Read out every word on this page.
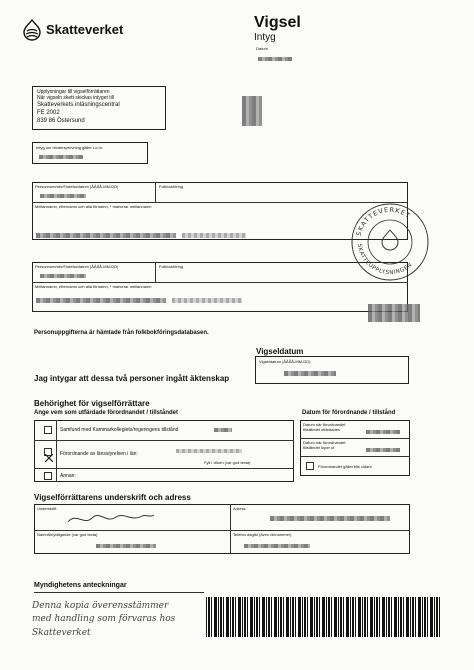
Skatteverket	Vigsel
Intyg
Datum
Upplysningar till vigselförrättaren
När vigseln skett skickas intyget till
Skatteverkets inläsningscentral
FE 2002
839 86 Östersund
Intyg om hindersprövning gäller t.o.m.
Personnummer/Födelsedatum (ÅÅÅÅ-MM-DD)	Folkbokföring
Mellannamn, efternamn och alla förnamn, * markerar mellannamn
Personnummer/Födelsedatum (ÅÅÅÅ-MM-DD)	Folkbokföring
Mellannamn, efternamn och alla förnamn, * markerar mellannamn
SKATTEVERKET
SKATTEUPPLYSNINGEN
Personuppgifterna är hämtade från folkbokföringsdatabasen.
Vigseldatum
Vigseldatum (ÅÅÅÅ-MM-DD)
Jag intygar att dessa två personer ingått äktenskap
Behörighet för vigselförrättare
Ange vem som utfärdade förordnandet / tillståndet
Samfund med Kammarkollegiets/regeringens tillstånd
Förordnande av länsstyrelsen i län:
Fyll i vilken (var god texta)
Annan:
Datum för förordnande / tillstånd
Datum när förordnandet tillståndet utfärdades
Datum när förordnandet tillståndet löper ut
Förordnandet gäller tills vidare
Vigselförrättarens underskrift och adress
Underskrift	Adress
Namnförtydligande (var god texta)	Telefon dagtid (även riktnummer)
Myndighetens anteckningar
Denna kopia överensstämmer
med handling som förvaras hos
Skatteverket
